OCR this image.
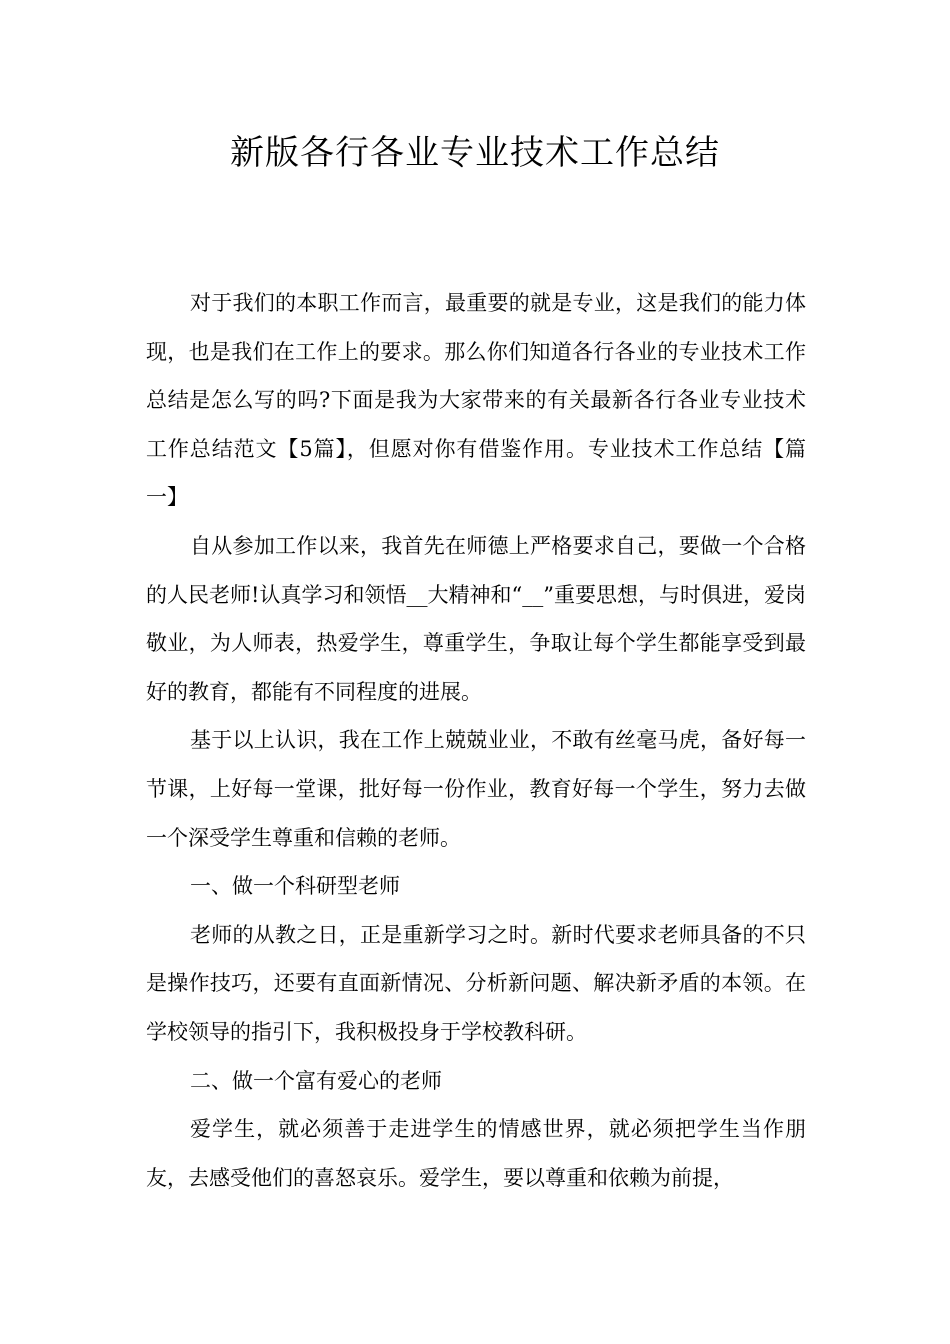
新版各行各业专业技术工作总结

对于我们的本职工作而言，最重要的就是专业，这是我们的能力体现，也是我们在工作上的要求。那么你们知道各行各业的专业技术工作总结是怎么写的吗?下面是我为大家带来的有关最新各行各业专业技术工作总结范文【5篇】，但愿对你有借鉴作用。专业技术工作总结【篇一】

自从参加工作以来，我首先在师德上严格要求自己，要做一个合格的人民老师!认真学习和领悟__大精神和“__”重要思想，与时俱进，爱岗敬业，为人师表，热爱学生，尊重学生，争取让每个学生都能享受到最好的教育，都能有不同程度的进展。

基于以上认识，我在工作上兢兢业业，不敢有丝毫马虎，备好每一节课，上好每一堂课，批好每一份作业，教育好每一个学生，努力去做一个深受学生尊重和信赖的老师。

一、做一个科研型老师

老师的从教之日，正是重新学习之时。新时代要求老师具备的不只是操作技巧，还要有直面新情况、分析新问题、解决新矛盾的本领。在学校领导的指引下，我积极投身于学校教科研。

二、做一个富有爱心的老师

爱学生，就必须善于走进学生的情感世界，就必须把学生当作朋友，去感受他们的喜怒哀乐。爱学生，要以尊重和依赖为前提，
